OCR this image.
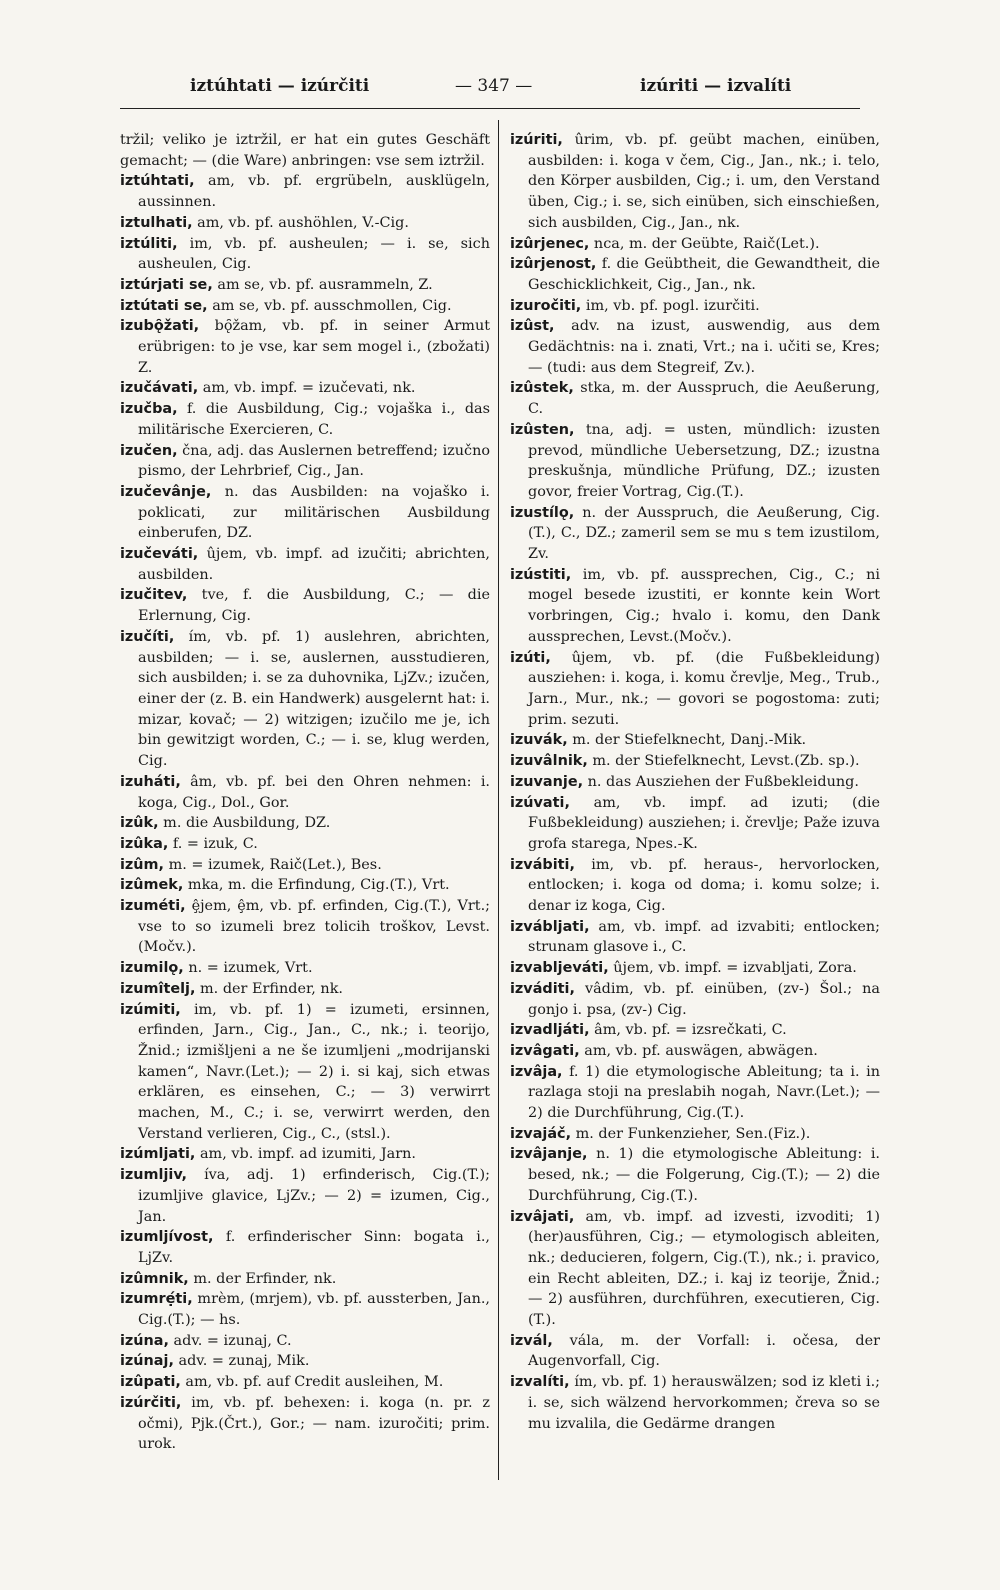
iztúhtati — izúrčiti	— 347 —	izúriti — izvalíti
tržil; veliko je iztržil, er hat ein gutes Geschäft gemacht; — (die Ware) anbringen: vse sem iztržil.
iztúhtati, am, vb. pf. ergrübeln, ausklügeln, aussinnen.
iztulhati, am, vb. pf. aushöhlen, V.-Cig.
iztúliti, im, vb. pf. ausheulen; — i. se, sich ausheulen, Cig.
iztúrjati se, am se, vb. pf. ausrammeln, Z.
iztútati se, am se, vb. pf. ausschmollen, Cig.
izubǫ̑žati, bǫ̑žam, vb. pf. in seiner Armut erübrigen: to je vse, kar sem mogel i., (zbožati) Z.
izučávati, am, vb. impf. = izučevati, nk.
izučba, f. die Ausbildung, Cig.; vojaška i., das militärische Exercieren, C.
izučen, čna, adj. das Auslernen betreffend; izučno pismo, der Lehrbrief, Cig., Jan.
izučevânje, n. das Ausbilden: na vojaško i. poklicati, zur militärischen Ausbildung einberufen, DZ.
izučeváti, ûjem, vb. impf. ad izučiti; abrichten, ausbilden.
izučitev, tve, f. die Ausbildung, C.; — die Erlernung, Cig.
izučíti, ím, vb. pf. 1) auslehren, abrichten, ausbilden; — i. se, auslernen, ausstudieren, sich ausbilden; i. se za duhovnika, LjZv.; izučen, einer der (z. B. ein Handwerk) ausgelernt hat: i. mizar, kovač; — 2) witzigen; izučilo me je, ich bin gewitzigt worden, C.; — i. se, klug werden, Cig.
izuháti, âm, vb. pf. bei den Ohren nehmen: i. koga, Cig., Dol., Gor.
izûk, m. die Ausbildung, DZ.
izûka, f. = izuk, C.
izûm, m. = izumek, Raič(Let.), Bes.
izûmek, mka, m. die Erfindung, Cig.(T.), Vrt.
izuméti, ȩ̂jem, ȩ̂m, vb. pf. erfinden, Cig.(T.), Vrt.; vse to so izumeli brez tolicih troškov, Levst.(Močv.).
izumilǫ, n. = izumek, Vrt.
izumîtelj, m. der Erfinder, nk.
izúmiti, im, vb. pf. 1) = izumeti, ersinnen, erfinden, Jarn., Cig., Jan., C., nk.; i. teorijo, Žnid.; izmišljeni a ne še izumljeni „modrijanski kamen“, Navr.(Let.); — 2) i. si kaj, sich etwas erklären, es einsehen, C.; — 3) verwirrt machen, M., C.; i. se, verwirrt werden, den Verstand verlieren, Cig., C., (stsl.).
izúmljati, am, vb. impf. ad izumiti, Jarn.
izumljiv, íva, adj. 1) erfinderisch, Cig.(T.); izumljive glavice, LjZv.; — 2) = izumen, Cig., Jan.
izumljívost, f. erfinderischer Sinn: bogata i., LjZv.
izûmnik, m. der Erfinder, nk.
izumrẹ́ti, mrèm, (mrjem), vb. pf. aussterben, Jan., Cig.(T.); — hs.
izúna, adv. = izunaj, C.
izúnaj, adv. = zunaj, Mik.
izûpati, am, vb. pf. auf Credit ausleihen, M.
izúrčiti, im, vb. pf. behexen: i. koga (n. pr. z očmi), Pjk.(Črt.), Gor.; — nam. izuročiti; prim. urok.
izúriti, ûrim, vb. pf. geübt machen, einüben, ausbilden: i. koga v čem, Cig., Jan., nk.; i. telo, den Körper ausbilden, Cig.; i. um, den Verstand üben, Cig.; i. se, sich einüben, sich einschießen, sich ausbilden, Cig., Jan., nk.
izûrjenec, nca, m. der Geübte, Raič(Let.).
izûrjenost, f. die Geübtheit, die Gewandtheit, die Geschicklichkeit, Cig., Jan., nk.
izuročiti, im, vb. pf. pogl. izurčiti.
izûst, adv. na izust, auswendig, aus dem Gedächtnis: na i. znati, Vrt.; na i. učiti se, Kres; — (tudi: aus dem Stegreif, Zv.).
izûstek, stka, m. der Ausspruch, die Aeußerung, C.
izûsten, tna, adj. = usten, mündlich: izusten prevod, mündliche Uebersetzung, DZ.; izustna preskušnja, mündliche Prüfung, DZ.; izusten govor, freier Vortrag, Cig.(T.).
izustílǫ, n. der Ausspruch, die Aeußerung, Cig.(T.), C., DZ.; zameril sem se mu s tem izustilom, Zv.
izústiti, im, vb. pf. aussprechen, Cig., C.; ni mogel besede izustiti, er konnte kein Wort vorbringen, Cig.; hvalo i. komu, den Dank aussprechen, Levst.(Močv.).
izúti, ûjem, vb. pf. (die Fußbekleidung) ausziehen: i. koga, i. komu črevlje, Meg., Trub., Jarn., Mur., nk.; — govori se pogostoma: zuti; prim. sezuti.
izuvák, m. der Stiefelknecht, Danj.-Mik.
izuvâlnik, m. der Stiefelknecht, Levst.(Zb. sp.).
izuvanje, n. das Ausziehen der Fußbekleidung.
izúvati, am, vb. impf. ad izuti; (die Fußbekleidung) ausziehen; i. črevlje; Paže izuva grofa starega, Npes.-K.
izvábiti, im, vb. pf. heraus-, hervorlocken, entlocken; i. koga od doma; i. komu solze; i. denar iz koga, Cig.
izvábljati, am, vb. impf. ad izvabiti; entlocken; strunam glasove i., C.
izvabljeváti, ûjem, vb. impf. = izvabljati, Zora.
izváditi, vâdim, vb. pf. einüben, (zv-) Šol.; na gonjo i. psa, (zv-) Cig.
izvadljáti, âm, vb. pf. = izsrečkati, C.
izvâgati, am, vb. pf. auswägen, abwägen.
izvâja, f. 1) die etymologische Ableitung; ta i. in razlaga stoji na preslabih nogah, Navr.(Let.); — 2) die Durchführung, Cig.(T.).
izvajáč, m. der Funkenzieher, Sen.(Fiz.).
izvâjanje, n. 1) die etymologische Ableitung: i. besed, nk.; — die Folgerung, Cig.(T.); — 2) die Durchführung, Cig.(T.).
izvâjati, am, vb. impf. ad izvesti, izvoditi; 1) (her)ausführen, Cig.; — etymologisch ableiten, nk.; deducieren, folgern, Cig.(T.), nk.; i. pravico, ein Recht ableiten, DZ.; i. kaj iz teorije, Žnid.; — 2) ausführen, durchführen, executieren, Cig.(T.).
izvál, vála, m. der Vorfall: i. očesa, der Augenvorfall, Cig.
izvalíti, ím, vb. pf. 1) herauswälzen; sod iz kleti i.; i. se, sich wälzend hervorkommen; čreva so se mu izvalila, die Gedärme drangen
